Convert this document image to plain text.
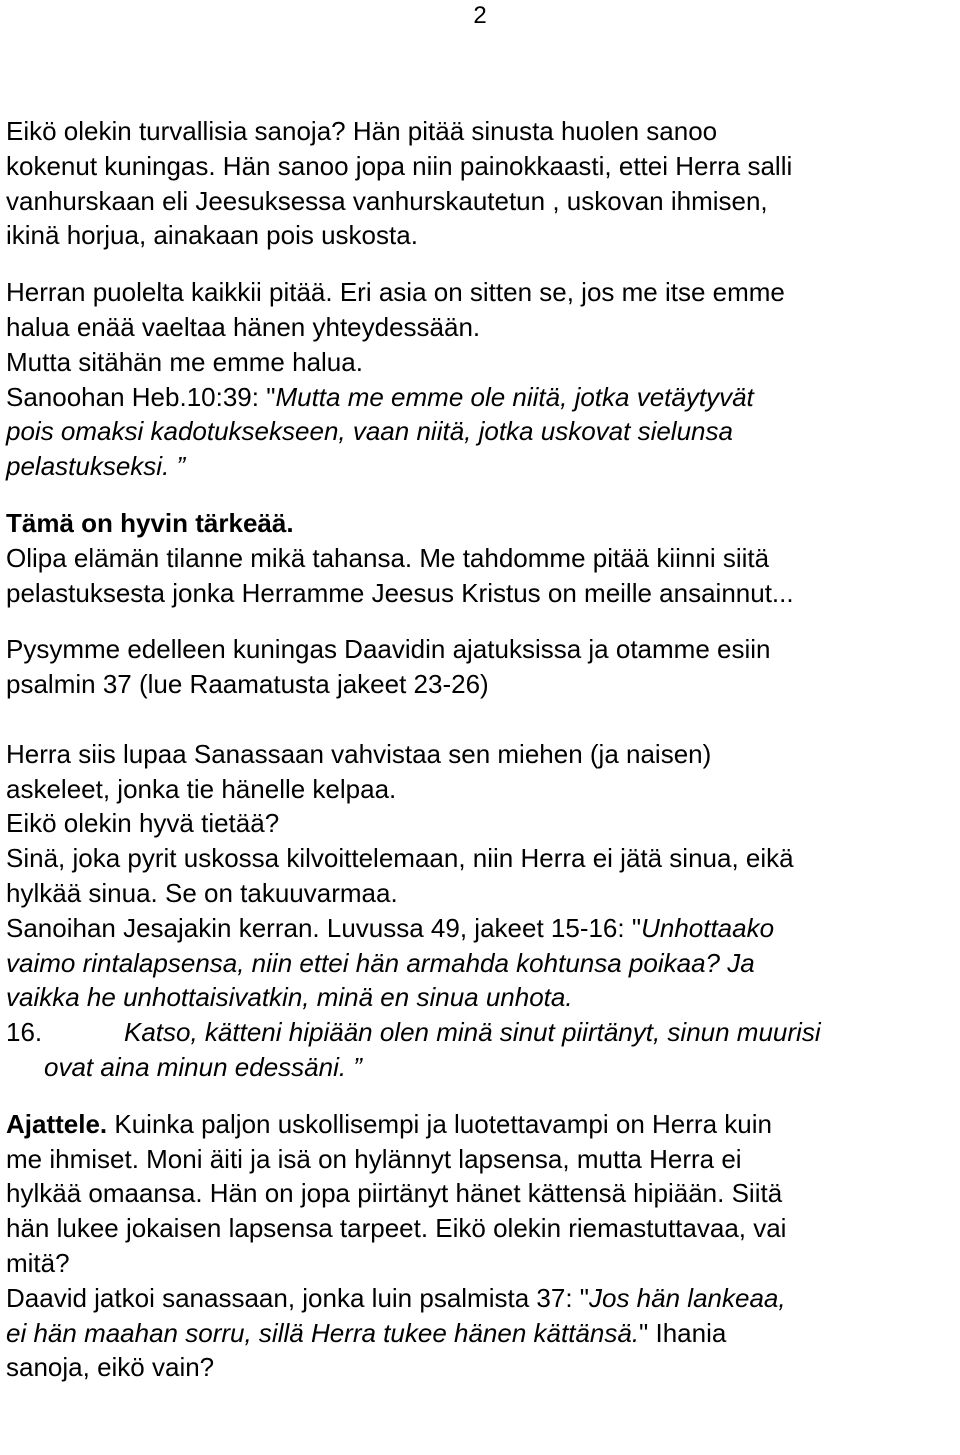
2
Eikö olekin turvallisia sanoja? Hän pitää sinusta huolen sanoo
kokenut kuningas. Hän sanoo jopa niin painokkaasti, ettei Herra salli
vanhurskaan eli Jeesuksessa vanhurskautetun , uskovan ihmisen,
ikinä horjua, ainakaan pois uskosta.
Herran puolelta kaikkii pitää. Eri asia on sitten se, jos me itse emme
halua enää vaeltaa hänen yhteydessään.
Mutta sitähän me emme halua.
Sanoohan Heb.10:39: "Mutta me emme ole niitä, jotka vetäytyvät
pois omaksi kadotuksekseen, vaan niitä, jotka uskovat sielunsa
pelastukseksi. ”
Tämä on hyvin tärkeää.
Olipa elämän tilanne mikä tahansa. Me tahdomme pitää kiinni siitä
pelastuksesta jonka Herramme Jeesus Kristus on meille ansainnut...
Pysymme edelleen kuningas Daavidin ajatuksissa ja otamme esiin
psalmin 37 (lue Raamatusta jakeet 23-26)
Herra siis lupaa Sanassaan vahvistaa sen miehen (ja naisen)
askeleet, jonka tie hänelle kelpaa.
Eikö olekin hyvä tietää?
Sinä, joka pyrit uskossa kilvoittelemaan, niin Herra ei jätä sinua, eikä
hylkää sinua. Se on takuuvarmaa.
Sanoihan Jesajakin kerran. Luvussa 49, jakeet 15-16: "Unhottaako
vaimo rintalapsensa, niin ettei hän armahda kohtunsa poikaa? Ja
vaikka he unhottaisivatkin, minä en sinua unhota.
16.	Katso, kätteni hipiään olen minä sinut piirtänyt, sinun muurisi
ovat aina minun edessäni. ”
Ajattele. Kuinka paljon uskollisempi ja luotettavampi on Herra kuin
me ihmiset. Moni äiti ja isä on hylännyt lapsensa, mutta Herra ei
hylkää omaansa. Hän on jopa piirtänyt hänet kättensä hipiään. Siitä
hän lukee jokaisen lapsensa tarpeet. Eikö olekin riemastuttavaa, vai
mitä?
Daavid jatkoi sanassaan, jonka luin psalmista 37: "Jos hän lankeaa,
ei hän maahan sorru, sillä Herra tukee hänen kättänsä." Ihania
sanoja, eikö vain?
